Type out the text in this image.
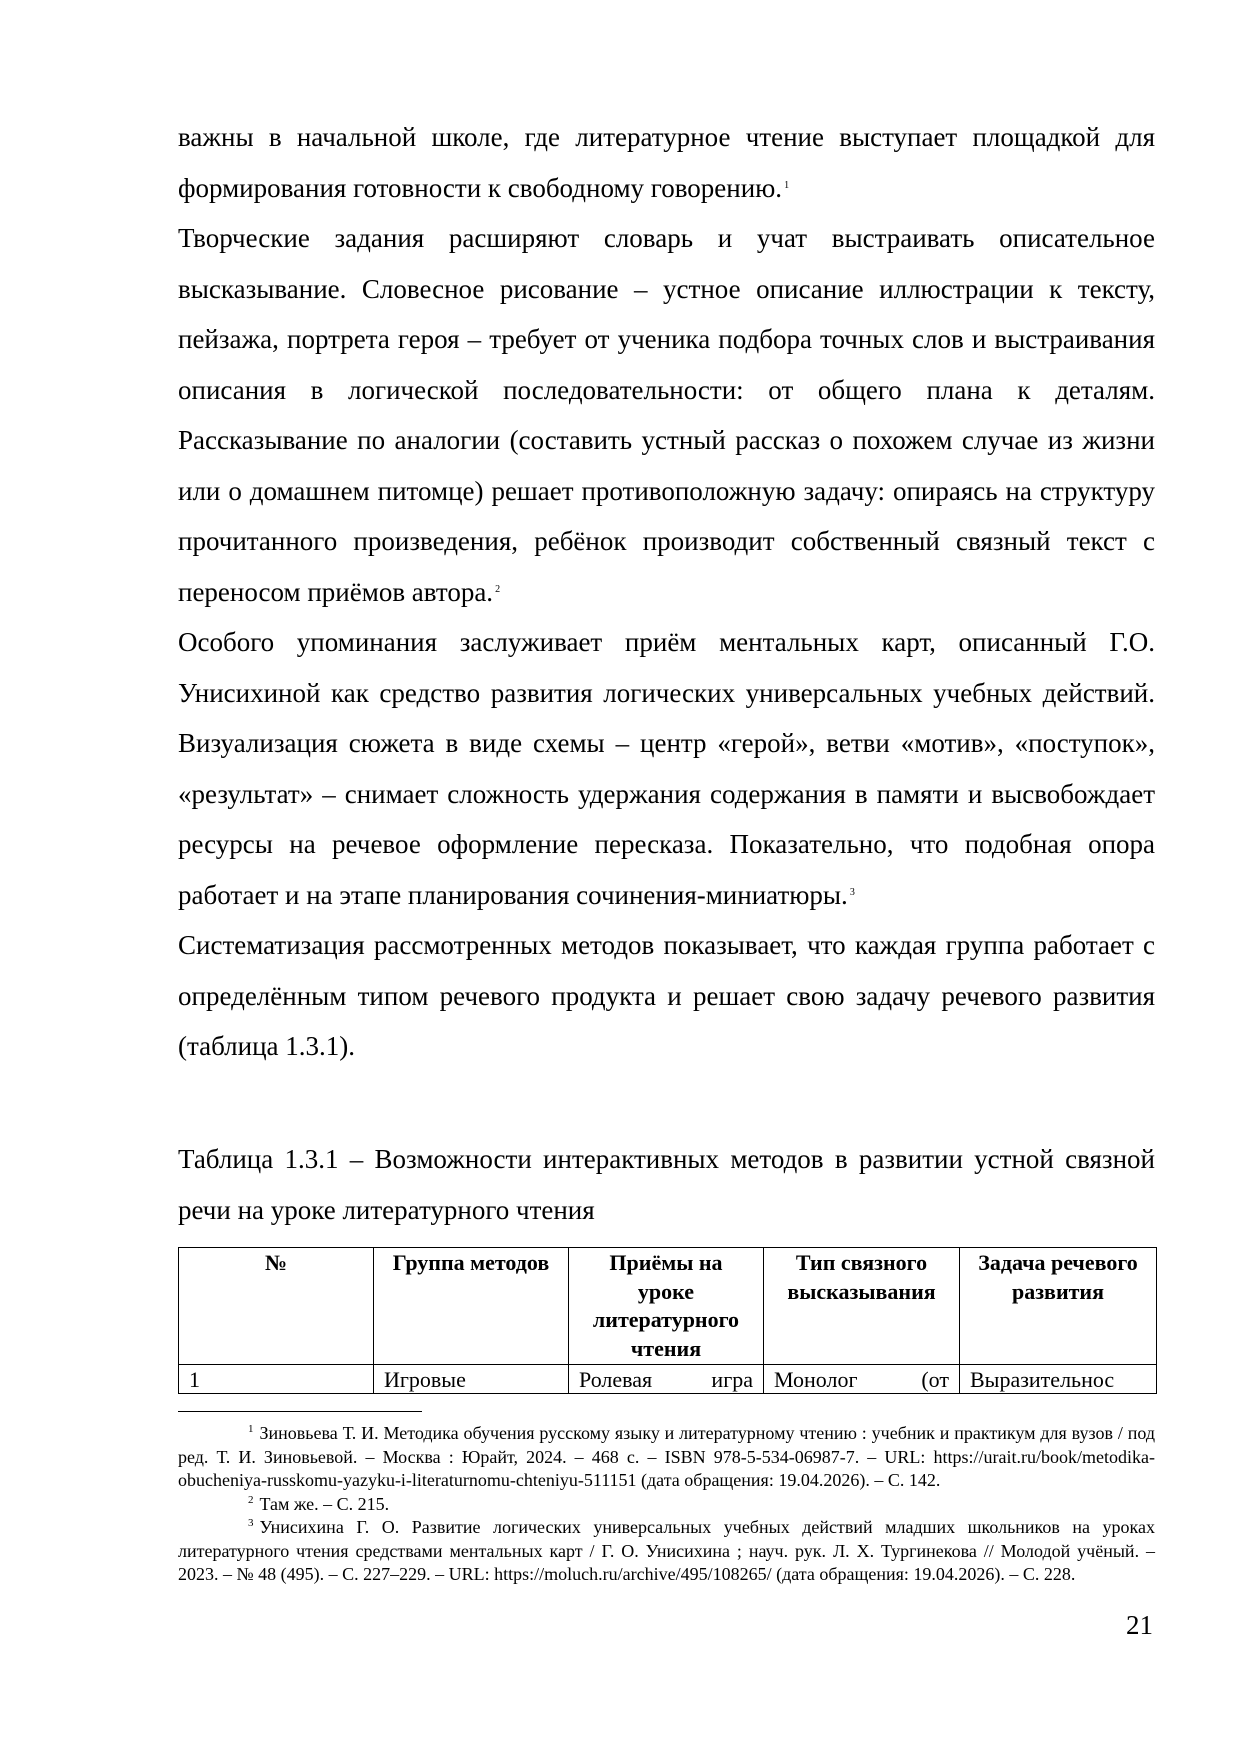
важны в начальной школе, где литературное чтение выступает площадкой для формирования готовности к свободному говорению. $^1$

Творческие задания расширяют словарь и учат выстраивать описательное высказывание. Словесное рисование – устное описание иллюстрации к тексту, пейзажа, портрета героя – требует от ученика подбора точных слов и выстраивания описания в логической последовательности: от общего плана к деталям. Рассказывание по аналогии (составить устный рассказ о похожем случае из жизни или о домашнем питомце) решает противоположную задачу: опираясь на структуру прочитанного произведения, ребёнок производит собственный связный текст с переносом приёмов автора. $^2$

Особого упоминания заслуживает приём ментальных карт, описанный Г.О. Унисихиной как средство развития логических универсальных учебных действий. Визуализация сюжета в виде схемы – центр «герой», ветви «мотив», «поступок», «результат» – снимает сложность удержания содержания в памяти и высвобождает ресурсы на речевое оформление пересказа. Показательно, что подобная опора работает и на этапе планирования сочинения-миниатюры. $^3$

Систематизация рассмотренных методов показывает, что каждая группа работает с определённым типом речевого продукта и решает свою задачу речевого развития (таблица 1.3.1).

Таблица 1.3.1 – Возможности интерактивных методов в развитии устной связной речи на уроке литературного чтения

№	Группа методов	Приёмы на уроке литературного чтения	Тип связного высказывания	Задача речевого развития
1	Игровые	Ролевая игра	Монолог (от	Выразительнос

$^1$ Зиновьева Т. И. Методика обучения русскому языку и литературному чтению : учебник и практикум для вузов / под ред. Т. И. Зиновьевой. – Москва : Юрайт, 2024. – 468 с. – ISBN 978-5-534-06987-7. – URL: https://urait.ru/book/metodika-obucheniya-russkomu-yazyku-i-literaturnomu-chteniyu-511151 (дата обращения: 19.04.2026). – С. 142.

$^2$ Там же. – С. 215.

$^3$ Унисихина Г. О. Развитие логических универсальных учебных действий младших школьников на уроках литературного чтения средствами ментальных карт / Г. О. Унисихина ; науч. рук. Л. Х. Тургинекова // Молодой учёный. – 2023. – № 48 (495). – С. 227–229. – URL: https://moluch.ru/archive/495/108265/ (дата обращения: 19.04.2026). – С. 228.

21
